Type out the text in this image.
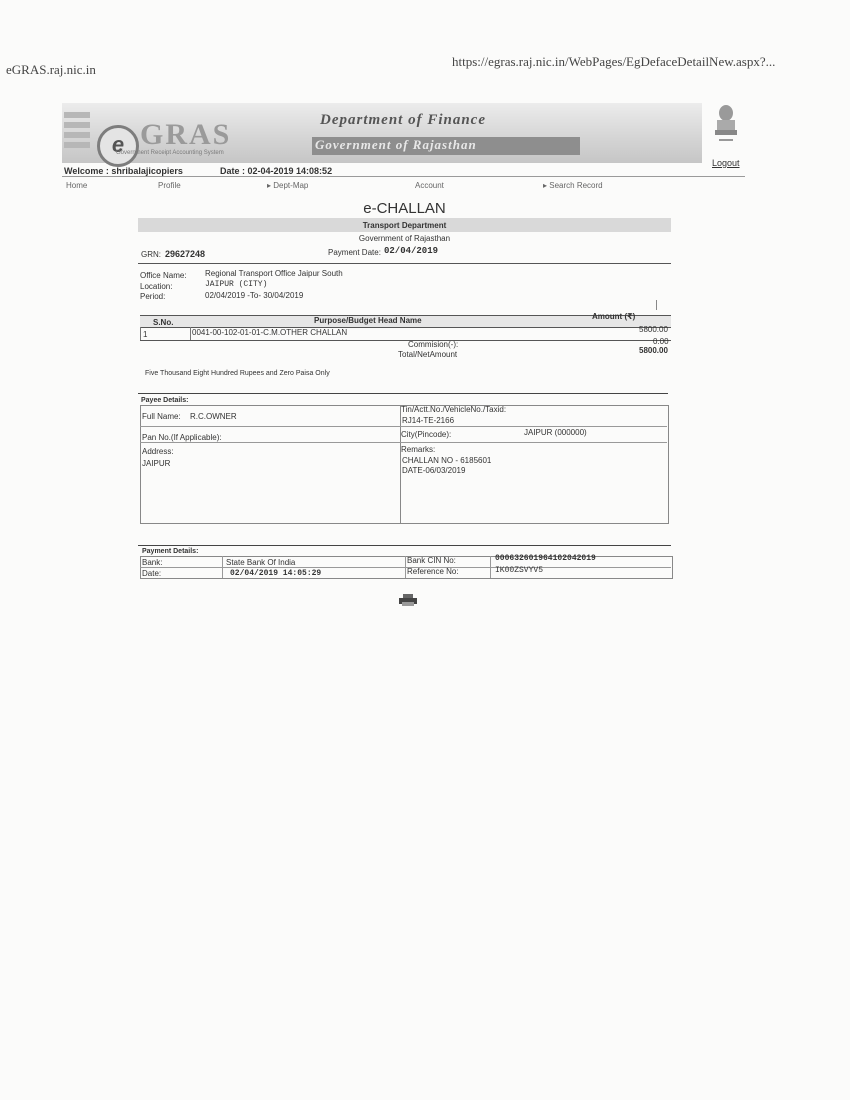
eGRAS.raj.nic.in
https://egras.raj.nic.in/WebPages/EgDefaceDetailNew.aspx?...
e GRAS
Government Receipt Accounting System
Department of Finance
Government of Rajasthan
Logout
Welcome : shribalajicopiers	Date : 02-04-2019 14:08:52
Home	Profile	▸ Dept-Map	Account	▸ Search Record
e-CHALLAN
Transport Department
Government of Rajasthan
GRN: 29627248	Payment Date: 02/04/2019
Office Name: Regional Transport Office Jaipur South
Location:	JAIPUR (CITY)
Period:	02/04/2019 -To- 30/04/2019
S.No.	Purpose/Budget Head Name	Amount (₹)
1	0041-00-102-01-01-C.M.OTHER CHALLAN	5800.00
Commision(-):	0.00
Total/NetAmount	5800.00
Five Thousand Eight Hundred Rupees and Zero Paisa Only
Payee Details:
Full Name: R.C.OWNER
Tin/Actt.No./VehicleNo./Taxid:
RJ14-TE-2166
Pan No.(If Applicable):	City(Pincode):	JAIPUR (000000)
Address:
JAIPUR
Remarks:
CHALLAN NO - 6185601
DATE-06/03/2019
Payment Details:
Bank:	State Bank Of India	Bank CIN No:	00063260196410204201​9
Date:	02/04/2019 14:05:29	Reference No:	IK00ZSVYV5
